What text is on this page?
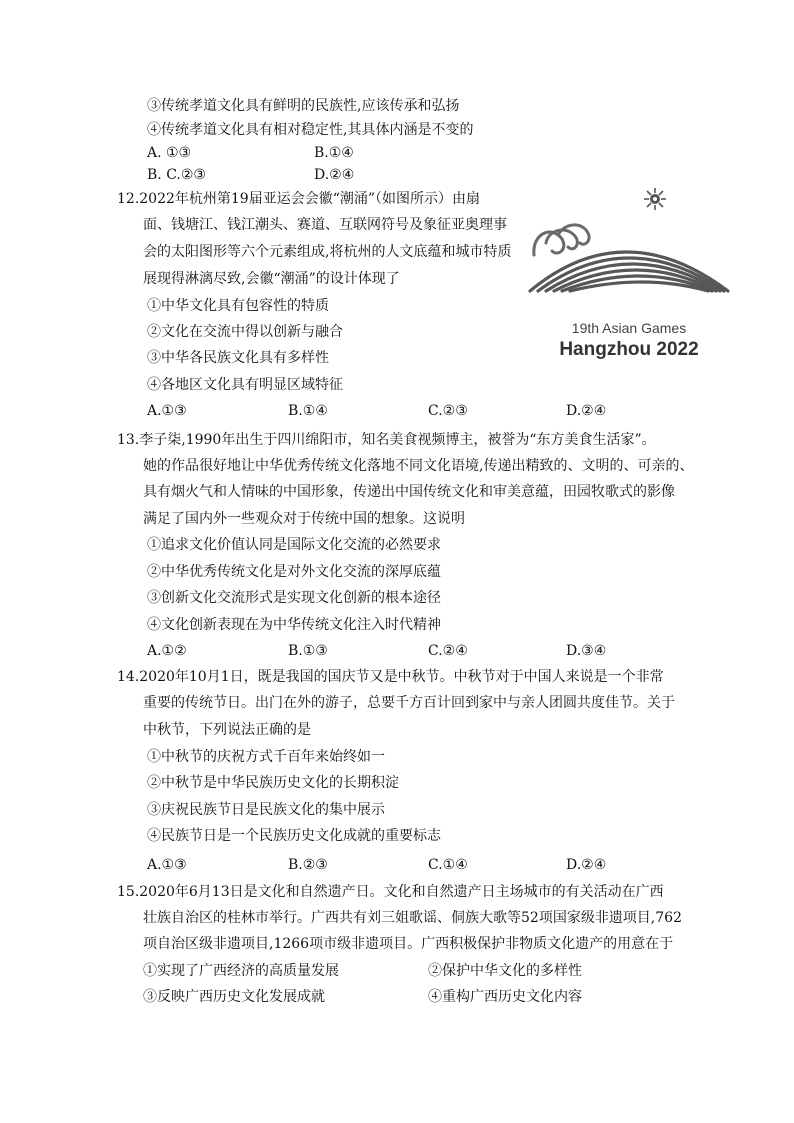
③传统孝道文化具有鲜明的民族性,应该传承和弘扬
④传统孝道文化具有相对稳定性,其具体内涵是不变的
A. ①③	B.①④
B. C.②③	D.②④
12.2022年杭州第19届亚运会会徽“潮涌”（如图所示）由扇
面、钱塘江、钱江潮头、赛道、互联网符号及象征亚奥理事
会的太阳图形等六个元素组成,将杭州的人文底蕴和城市特质
展现得淋漓尽致,会徽“潮涌”的设计体现了
①中华文化具有包容性的特质
②文化在交流中得以创新与融合
③中华各民族文化具有多样性
④各地区文化具有明显区域特征
A.①③	B.①④	C.②③	D.②④
19th Asian Games
Hangzhou 2022
13.李子柒,1990年出生于四川绵阳市，知名美食视频博主，被誉为“东方美食生活家”。
她的作品很好地让中华优秀传统文化落地不同文化语境,传递出精致的、文明的、可亲的、
具有烟火气和人情味的中国形象，传递出中国传统文化和审美意蕴，田园牧歌式的影像
满足了国内外一些观众对于传统中国的想象。这说明
①追求文化价值认同是国际文化交流的必然要求
②中华优秀传统文化是对外文化交流的深厚底蕴
③创新文化交流形式是实现文化创新的根本途径
④文化创新表现在为中华传统文化注入时代精神
A.①②	B.①③	C.②④	D.③④
14.2020年10月1日，既是我国的国庆节又是中秋节。中秋节对于中国人来说是一个非常
重要的传统节日。出门在外的游子，总要千方百计回到家中与亲人团圆共度佳节。关于
中秋节，下列说法正确的是
①中秋节的庆祝方式千百年来始终如一
②中秋节是中华民族历史文化的长期积淀
③庆祝民族节日是民族文化的集中展示
④民族节日是一个民族历史文化成就的重要标志
A.①③	B.②③	C.①④	D.②④
15.2020年6月13日是文化和自然遗产日。文化和自然遗产日主场城市的有关活动在广西
壮族自治区的桂林市举行。广西共有刘三姐歌谣、侗族大歌等52项国家级非遗项目,762
项自治区级非遗项目,1266项市级非遗项目。广西积极保护非物质文化遗产的用意在于
①实现了广西经济的高质量发展	②保护中华文化的多样性
③反映广西历史文化发展成就	④重构广西历史文化内容
